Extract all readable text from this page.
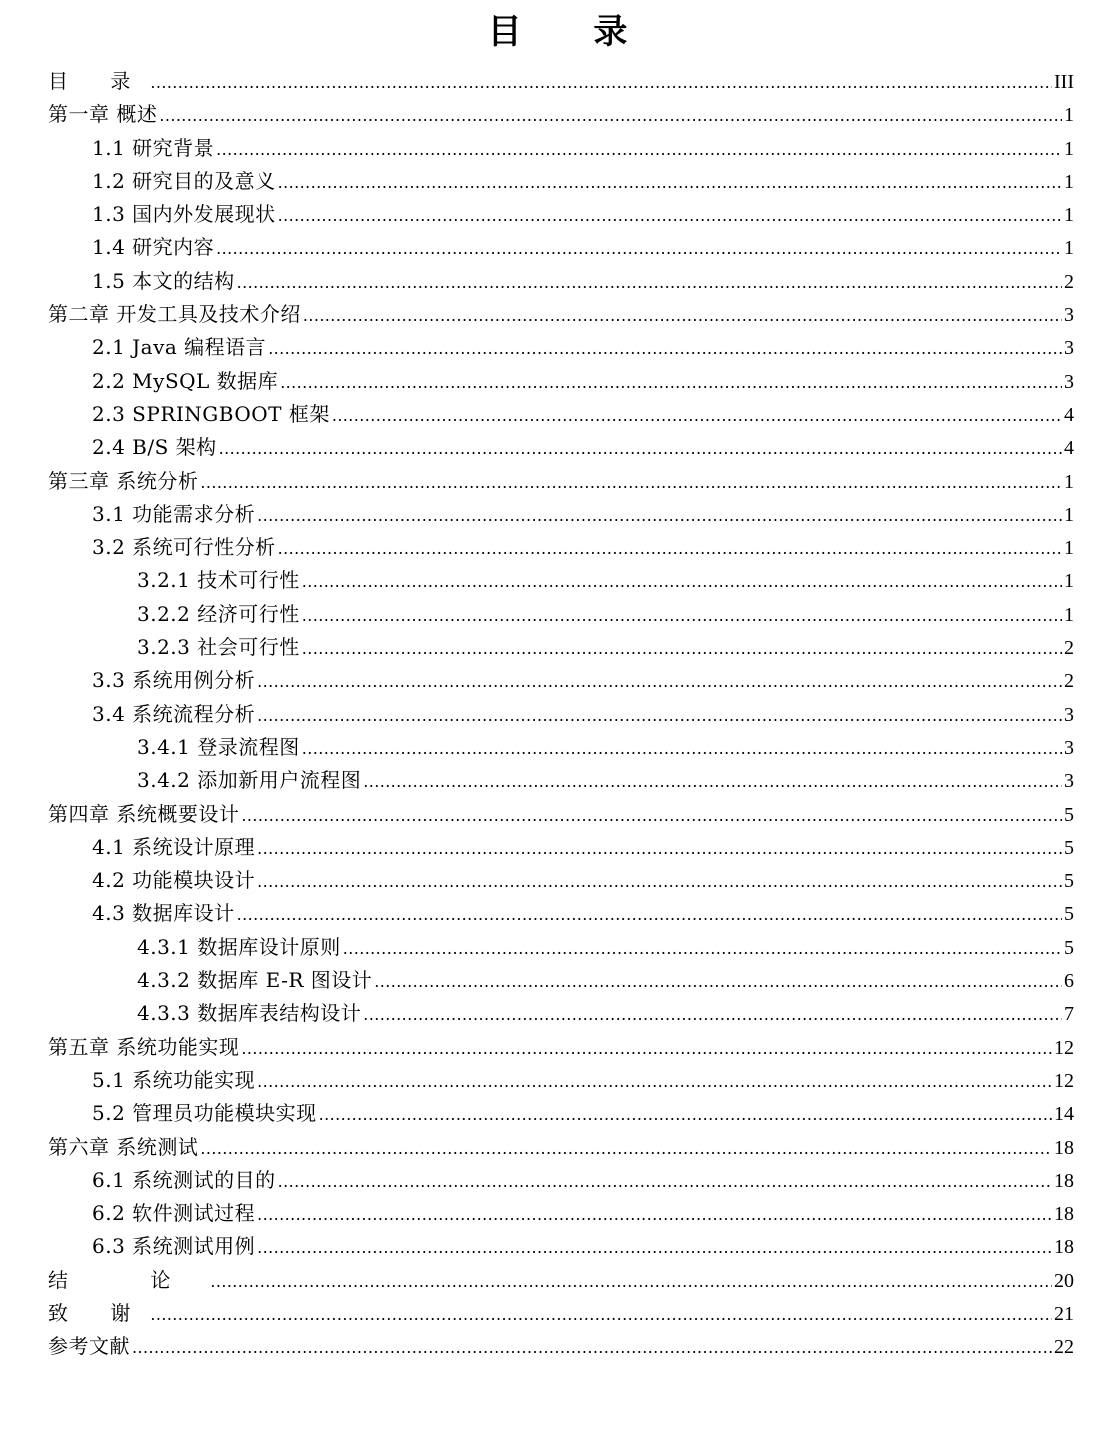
目 录
目 录 .....	III
第一章 概述 .....	1
1.1 研究背景 .....	1
1.2 研究目的及意义 .....	1
1.3 国内外发展现状 .....	1
1.4 研究内容 .....	1
1.5 本文的结构 .....	2
第二章 开发工具及技术介绍 .....	3
2.1 Java 编程语言 .....	3
2.2 MySQL 数据库 .....	3
2.3 SPRINGBOOT 框架 .....	4
2.4 B/S 架构 .....	4
第三章 系统分析 .....	1
3.1 功能需求分析 .....	1
3.2 系统可行性分析 .....	1
3.2.1 技术可行性 .....	1
3.2.2 经济可行性 .....	1
3.2.3 社会可行性 .....	2
3.3 系统用例分析 .....	2
3.4 系统流程分析 .....	3
3.4.1 登录流程图 .....	3
3.4.2 添加新用户流程图 .....	3
第四章 系统概要设计 .....	5
4.1 系统设计原理 .....	5
4.2 功能模块设计 .....	5
4.3 数据库设计 .....	5
4.3.1 数据库设计原则 .....	5
4.3.2 数据库 E-R 图设计 .....	6
4.3.3 数据库表结构设计 .....	7
第五章 系统功能实现 .....	12
5.1 系统功能实现 .....	12
5.2 管理员功能模块实现 .....	14
第六章 系统测试 .....	18
6.1 系统测试的目的 .....	18
6.2 软件测试过程 .....	18
6.3 系统测试用例 .....	18
结 论 .....	20
致 谢 .....	21
参考文献 .....	22
